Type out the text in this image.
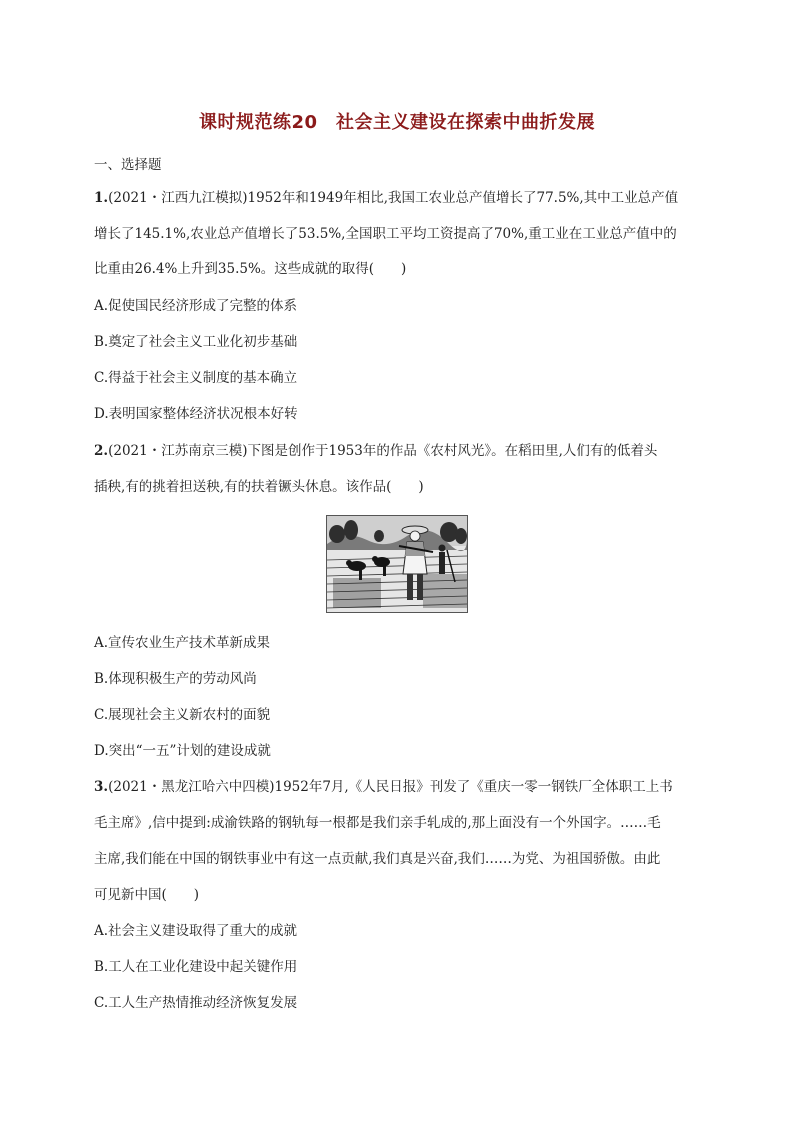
课时规范练20　社会主义建设在探索中曲折发展
一、选择题
1.(2021・江西九江模拟)1952年和1949年相比,我国工农业总产值增长了77.5%,其中工业总产值
增长了145.1%,农业总产值增长了53.5%,全国职工平均工资提高了70%,重工业在工业总产值中的
比重由26.4%上升到35.5%。这些成就的取得(　　)
A.促使国民经济形成了完整的体系
B.奠定了社会主义工业化初步基础
C.得益于社会主义制度的基本确立
D.表明国家整体经济状况根本好转
2.(2021・江苏南京三模)下图是创作于1953年的作品《农村风光》。在稻田里,人们有的低着头
插秧,有的挑着担送秧,有的扶着镢头休息。该作品(　　)
A.宣传农业生产技术革新成果
B.体现积极生产的劳动风尚
C.展现社会主义新农村的面貌
D.突出“一五”计划的建设成就
3.(2021・黑龙江哈六中四模)1952年7月,《人民日报》刊发了《重庆一零一钢铁厂全体职工上书
毛主席》,信中提到:成渝铁路的钢轨每一根都是我们亲手轧成的,那上面没有一个外国字。……毛
主席,我们能在中国的钢铁事业中有这一点贡献,我们真是兴奋,我们……为党、为祖国骄傲。由此
可见新中国(　　)
A.社会主义建设取得了重大的成就
B.工人在工业化建设中起关键作用
C.工人生产热情推动经济恢复发展
